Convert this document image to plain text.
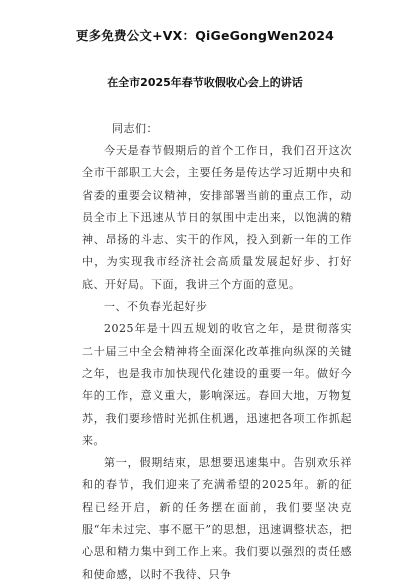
更多免费公文+VX：QiGeGongWen2024
在全市2025年春节收假收心会上的讲话
同志们：

今天是春节假期后的首个工作日，我们召开这次全市干部职工大会，主要任务是传达学习近期中央和省委的重要会议精神，安排部署当前的重点工作，动员全市上下迅速从节日的氛围中走出来，以饱满的精神、昂扬的斗志、实干的作风，投入到新一年的工作中，为实现我市经济社会高质量发展起好步、打好底、开好局。下面，我讲三个方面的意见。

一、不负春光起好步

2025年是十四五规划的收官之年，是贯彻落实二十届三中全会精神将全面深化改革推向纵深的关键之年，也是我市加快现代化建设的重要一年。做好今年的工作，意义重大，影响深远。春回大地，万物复苏，我们要珍惜时光抓住机遇，迅速把各项工作抓起来。

第一，假期结束，思想要迅速集中。告别欢乐祥和的春节，我们迎来了充满希望的2025年。新的征程已经开启，新的任务摆在面前，我们要坚决克服“年未过完、事不愿干”的思想，迅速调整状态，把心思和精力集中到工作上来。我们要以强烈的责任感和使命感，以时不我待、只争
